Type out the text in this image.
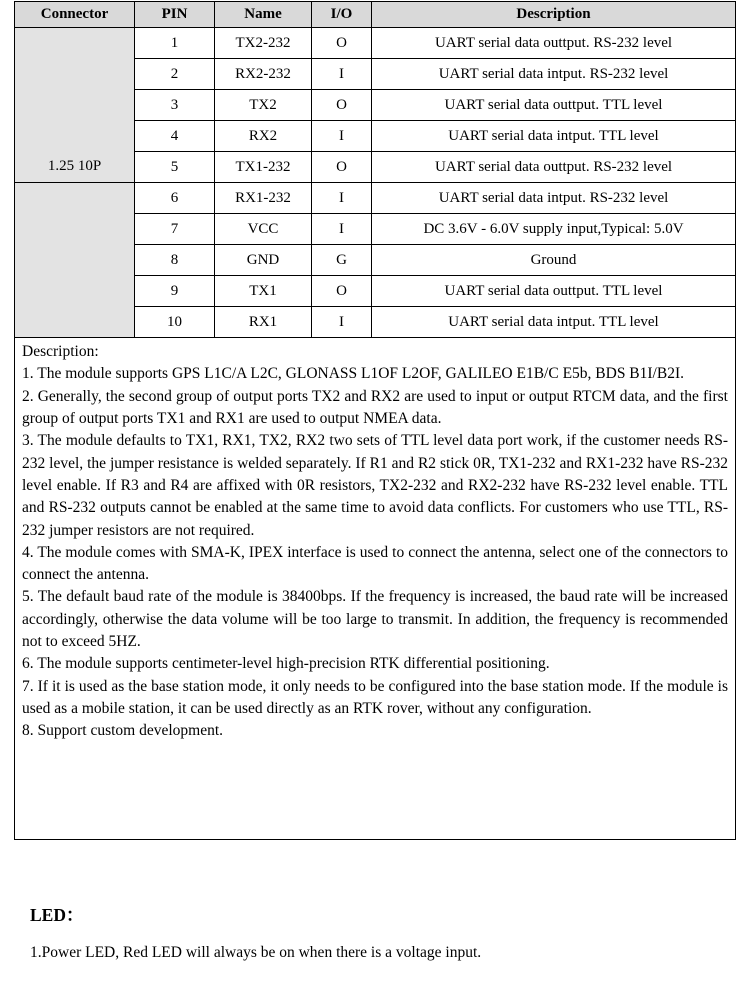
Connector	PIN	Name	I/O	Description
1.25 10P	1	TX2-232	O	UART serial data outtput. RS-232 level
	2	RX2-232	I	UART serial data intput. RS-232 level
	3	TX2	O	UART serial data outtput. TTL level
	4	RX2	I	UART serial data intput. TTL level
	5	TX1-232	O	UART serial data outtput. RS-232 level
	6	RX1-232	I	UART serial data intput. RS-232 level
	7	VCC	I	DC 3.6V - 6.0V supply input,Typical: 5.0V
	8	GND	G	Ground
	9	TX1	O	UART serial data outtput. TTL level
	10	RX1	I	UART serial data intput. TTL level

Description:

1. The module supports GPS L1C/A L2C, GLONASS L1OF L2OF, GALILEO E1B/C E5b, BDS B1I/B2I.

2. Generally, the second group of output ports TX2 and RX2 are used to input or output RTCM data, and the first group of output ports TX1 and RX1 are used to output NMEA data.

3. The module defaults to TX1, RX1, TX2, RX2 two sets of TTL level data port work, if the customer needs RS-232 level, the jumper resistance is welded separately. If R1 and R2 stick 0R, TX1-232 and RX1-232 have RS-232 level enable. If R3 and R4 are affixed with 0R resistors, TX2-232 and RX2-232 have RS-232 level enable. TTL and RS-232 outputs cannot be enabled at the same time to avoid data conflicts. For customers who use TTL, RS-232 jumper resistors are not required.

4. The module comes with SMA-K, IPEX interface is used to connect the antenna, select one of the connectors to connect the antenna.

5. The default baud rate of the module is 38400bps. If the frequency is increased, the baud rate will be increased accordingly, otherwise the data volume will be too large to transmit. In addition, the frequency is recommended not to exceed 5HZ.

6. The module supports centimeter-level high-precision RTK differential positioning.

7. If it is used as the base station mode, it only needs to be configured into the base station mode. If the module is used as a mobile station, it can be used directly as an RTK rover, without any configuration.

8. Support custom development.

LED：
1.Power LED, Red LED will always be on when there is a voltage input.
